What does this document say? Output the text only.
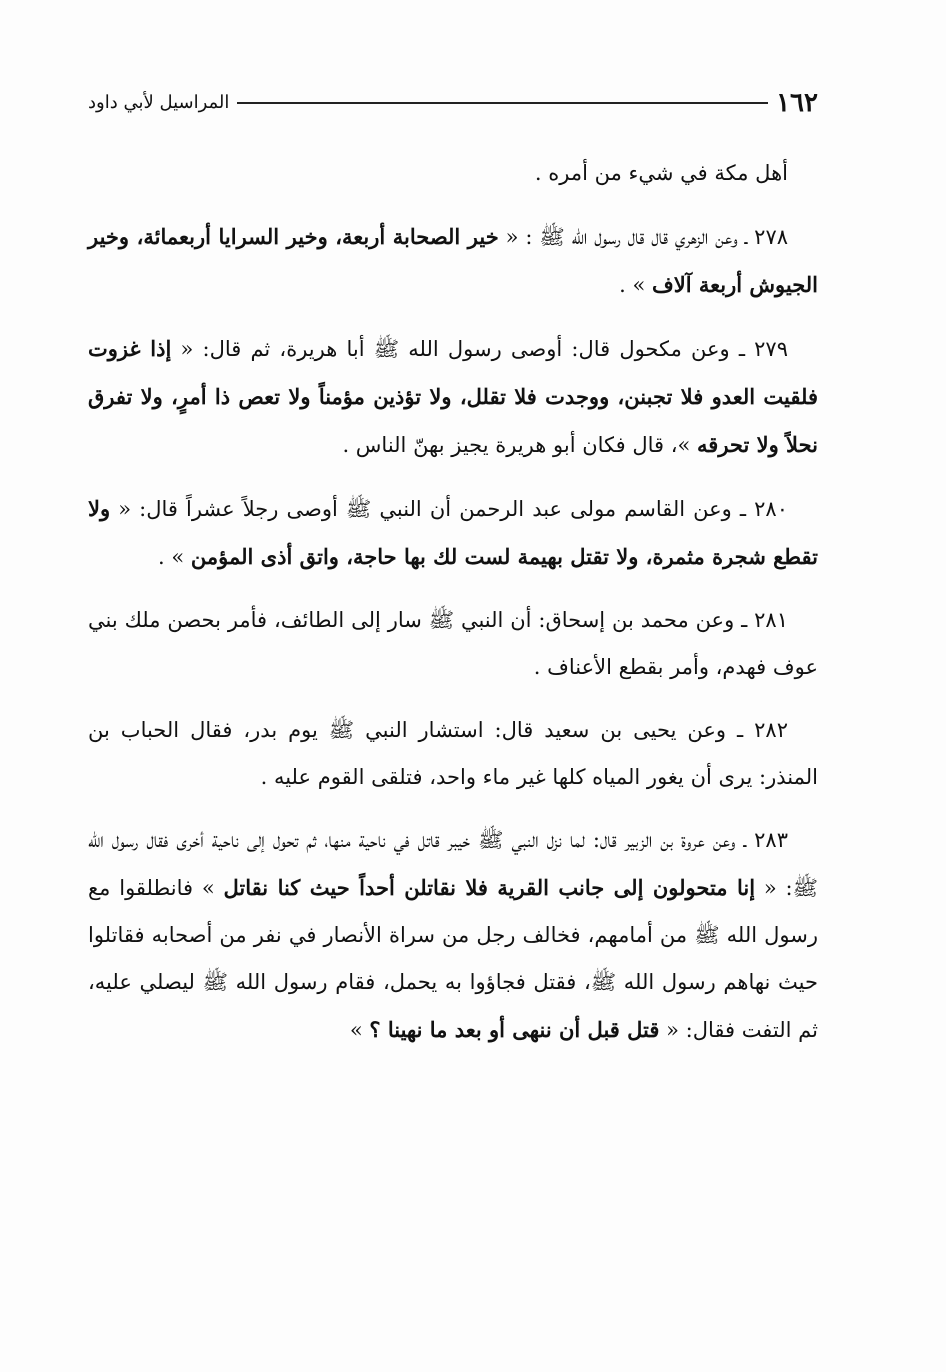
١٦٢
المراسيل لأبي داود

أهل مكة في شيء من أمره .

٢٧٨ ـ وعن الزهري قال قال رسول الله ﷺ : « خير الصحابة أربعة، وخير السرايا أربعمائة، وخير الجيوش أربعة آلاف » .

٢٧٩ ـ وعن مكحول قال: أوصى رسول الله ﷺ أبا هريرة، ثم قال: « إذا غزوت فلقيت العدو فلا تجبنن، ووجدت فلا تقلل، ولا تؤذين مؤمناً ولا تعص ذا أمرٍ، ولا تفرق نحلاً ولا تحرقه »، قال فكان أبو هريرة يجيز بهنّ الناس .

٢٨٠ ـ وعن القاسم مولى عبد الرحمن أن النبي ﷺ أوصى رجلاً عشراً قال: « ولا تقطع شجرة مثمرة، ولا تقتل بهيمة لست لك بها حاجة، واتق أذى المؤمن » .

٢٨١ ـ وعن محمد بن إسحاق: أن النبي ﷺ سار إلى الطائف، فأمر بحصن ملك بني عوف فهدم، وأمر بقطع الأعناف .

٢٨٢ ـ وعن يحيى بن سعيد قال: استشار النبي ﷺ يوم بدر، فقال الحباب بن المنذر: يرى أن يغور المياه كلها غير ماء واحد، فتلقى القوم عليه .

٢٨٣ ـ وعن عروة بن الزبير قال: لما نزل النبي ﷺ خيبر قاتل في ناحية منها، ثم تحول إلى ناحية أخرى فقال رسول الله ﷺ: « إنا متحولون إلى جانب القرية فلا نقاتلن أحداً حيث كنا نقاتل » فانطلقوا مع رسول الله ﷺ من أمامهم، فخالف رجل من سراة الأنصار في نفر من أصحابه فقاتلوا حيث نهاهم رسول الله ﷺ، فقتل فجاؤوا به يحمل، فقام رسول الله ﷺ ليصلي عليه، ثم التفت فقال: « قتل قبل أن ننهى أو بعد ما نهينا ؟ »
